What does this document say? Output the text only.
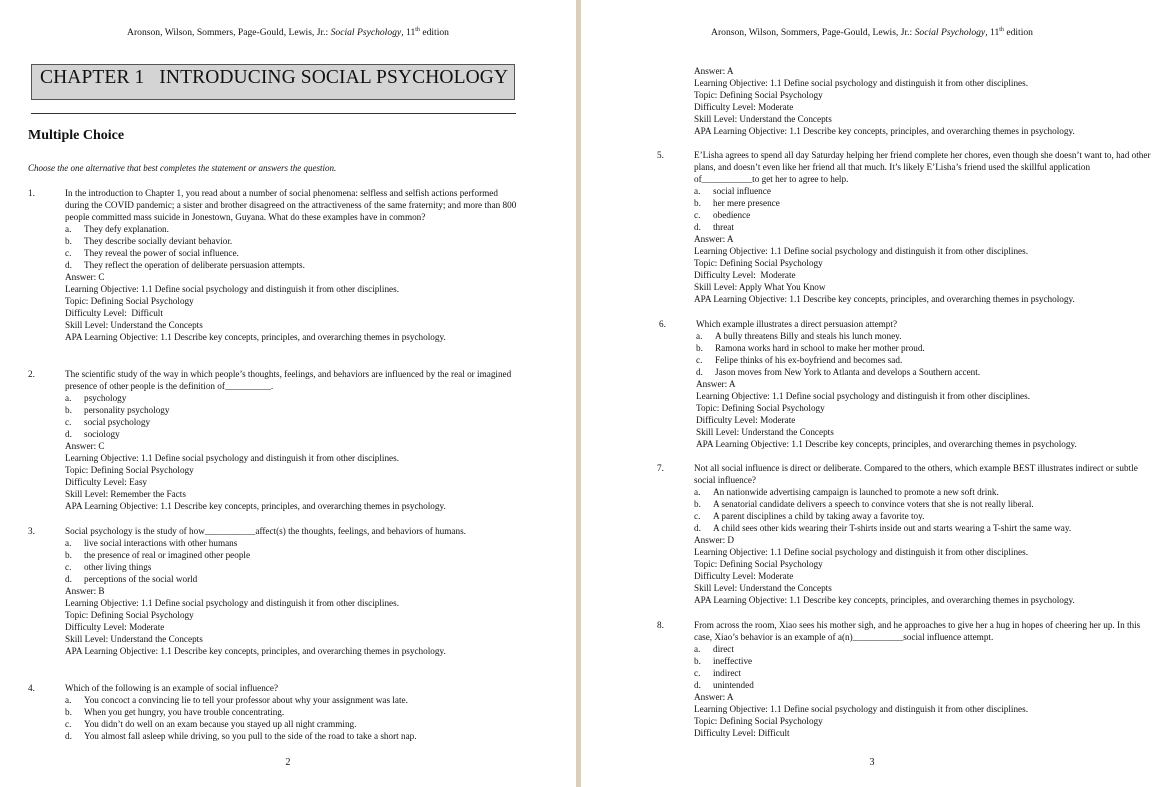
Aronson, Wilson, Sommers, Page-Gould, Lewis, Jr.: Social Psychology, 11th edition
CHAPTER 1   INTRODUCING SOCIAL PSYCHOLOGY
Multiple Choice
Choose the one alternative that best completes the statement or answers the question.
1.	In the introduction to Chapter 1, you read about a number of social phenomena: selfless and selfish actions performed during the COVID pandemic; a sister and brother disagreed on the attractiveness of the same fraternity; and more than 800 people committed mass suicide in Jonestown, Guyana. What do these examples have in common?
a. They defy explanation.
b. They describe socially deviant behavior.
c. They reveal the power of social influence.
d. They reflect the operation of deliberate persuasion attempts.
Answer: C
Learning Objective: 1.1 Define social psychology and distinguish it from other disciplines.
Topic: Defining Social Psychology
Difficulty Level:  Difficult
Skill Level: Understand the Concepts
APA Learning Objective: 1.1 Describe key concepts, principles, and overarching themes in psychology.
2.	The scientific study of the way in which people’s thoughts, feelings, and behaviors are influenced by the real or imagined presence of other people is the definition of__________.
a. psychology
b. personality psychology
c. social psychology
d. sociology
Answer: C
Learning Objective: 1.1 Define social psychology and distinguish it from other disciplines.
Topic: Defining Social Psychology
Difficulty Level: Easy
Skill Level: Remember the Facts
APA Learning Objective: 1.1 Describe key concepts, principles, and overarching themes in psychology.
3.	Social psychology is the study of how___________affect(s) the thoughts, feelings, and behaviors of humans.
a. live social interactions with other humans
b. the presence of real or imagined other people
c. other living things
d. perceptions of the social world
Answer: B
Learning Objective: 1.1 Define social psychology and distinguish it from other disciplines.
Topic: Defining Social Psychology
Difficulty Level: Moderate
Skill Level: Understand the Concepts
APA Learning Objective: 1.1 Describe key concepts, principles, and overarching themes in psychology.
4.	Which of the following is an example of social influence?
a. You concoct a convincing lie to tell your professor about why your assignment was late.
b. When you get hungry, you have trouble concentrating.
c. You didn’t do well on an exam because you stayed up all night cramming.
d. You almost fall asleep while driving, so you pull to the side of the road to take a short nap.
2
Aronson, Wilson, Sommers, Page-Gould, Lewis, Jr.: Social Psychology, 11th edition
Answer: A
Learning Objective: 1.1 Define social psychology and distinguish it from other disciplines.
Topic: Defining Social Psychology
Difficulty Level: Moderate
Skill Level: Understand the Concepts
APA Learning Objective: 1.1 Describe key concepts, principles, and overarching themes in psychology.
5.	E’Lisha agrees to spend all day Saturday helping her friend complete her chores, even though she doesn’t want to, had other plans, and doesn’t even like her friend all that much. It’s likely E’Lisha’s friend used the skillful application of___________to get her to agree to help.
a. social influence
b. her mere presence
c. obedience
d. threat
Answer: A
Learning Objective: 1.1 Define social psychology and distinguish it from other disciplines.
Topic: Defining Social Psychology
Difficulty Level:  Moderate
Skill Level: Apply What You Know
APA Learning Objective: 1.1 Describe key concepts, principles, and overarching themes in psychology.
6.	Which example illustrates a direct persuasion attempt?
a. A bully threatens Billy and steals his lunch money.
b. Ramona works hard in school to make her mother proud.
c. Felipe thinks of his ex-boyfriend and becomes sad.
d. Jason moves from New York to Atlanta and develops a Southern accent.
Answer: A
Learning Objective: 1.1 Define social psychology and distinguish it from other disciplines.
Topic: Defining Social Psychology
Difficulty Level: Moderate
Skill Level: Understand the Concepts
APA Learning Objective: 1.1 Describe key concepts, principles, and overarching themes in psychology.
7.	Not all social influence is direct or deliberate. Compared to the others, which example BEST illustrates indirect or subtle social influence?
a. An nationwide advertising campaign is launched to promote a new soft drink.
b. A senatorial candidate delivers a speech to convince voters that she is not really liberal.
c. A parent disciplines a child by taking away a favorite toy.
d. A child sees other kids wearing their T-shirts inside out and starts wearing a T-shirt the same way.
Answer: D
Learning Objective: 1.1 Define social psychology and distinguish it from other disciplines.
Topic: Defining Social Psychology
Difficulty Level: Moderate
Skill Level: Understand the Concepts
APA Learning Objective: 1.1 Describe key concepts, principles, and overarching themes in psychology.
8.	From across the room, Xiao sees his mother sigh, and he approaches to give her a hug in hopes of cheering her up. In this case, Xiao’s behavior is an example of a(n)___________social influence attempt.
a. direct
b. ineffective
c. indirect
d. unintended
Answer: A
Learning Objective: 1.1 Define social psychology and distinguish it from other disciplines.
Topic: Defining Social Psychology
Difficulty Level: Difficult
3
